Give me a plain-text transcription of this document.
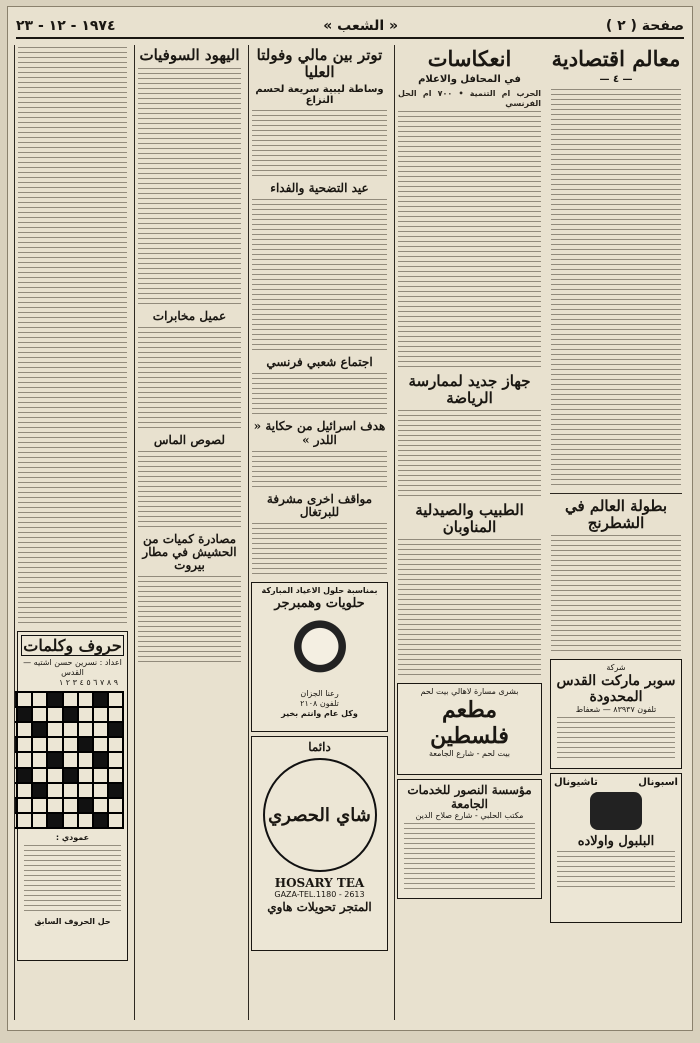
صفحة ( ٢ )
« الشعب »
١٩٧٤ - ١٢ - ٢٣
معالم اقتصادية
— ٤ —
بطولة العالم في الشطرنج
شركة
سوبر ماركت القدس المحدودة
تلفون ٨٣٩٣٧ — شعفاط
اسبونال
تاشيونال
البلبول واولاده
انعكاسات
في المحافل والاعلام
الحرب ام التنمية • ٧٠٠ ام الحل الفرنسي
جهاز جديد لممارسة الرياضة
الطبيب والصيدلية المناوبان
بشرى مسارة لاهالي بيت لحم
مطعم فلسطين
بيت لحم - شارع الجامعة
مؤسسة النصور للخدمات الجامعة
مكتب الحلبي - شارع صلاح الدين
توتر بين مالي وفولتا العليا
وساطة ليبية سريعة لحسم النزاع
عيد التضحية والفداء
اجتماع شعبي فرنسي
هدف اسرائيل من حكاية « اللدر »
مواقف اخرى مشرفة للبرتغال
بمناسبة حلول الاعياد المباركة
حلويات وهمبرجر
رعنا الجزان
تلفون ٢١٠٨
وكل عام وانتم بخير
دائما
شاي الحصري
HOSARY TEA
GAZA-TEL.1180 - 2613
المتجر تحويلات هاوي
اليهود السوفيات
عميل مخابرات
لصوص الماس
مصادرة كميات من الحشيش في مطار بيروت
حروف وكلمات
اعداد : نسرين حسن اشتيه — القدس
٩ ٨ ٧ ٦ ٥ ٤ ٣ ٢ ١
عمودي :
حل الحروف السابق
